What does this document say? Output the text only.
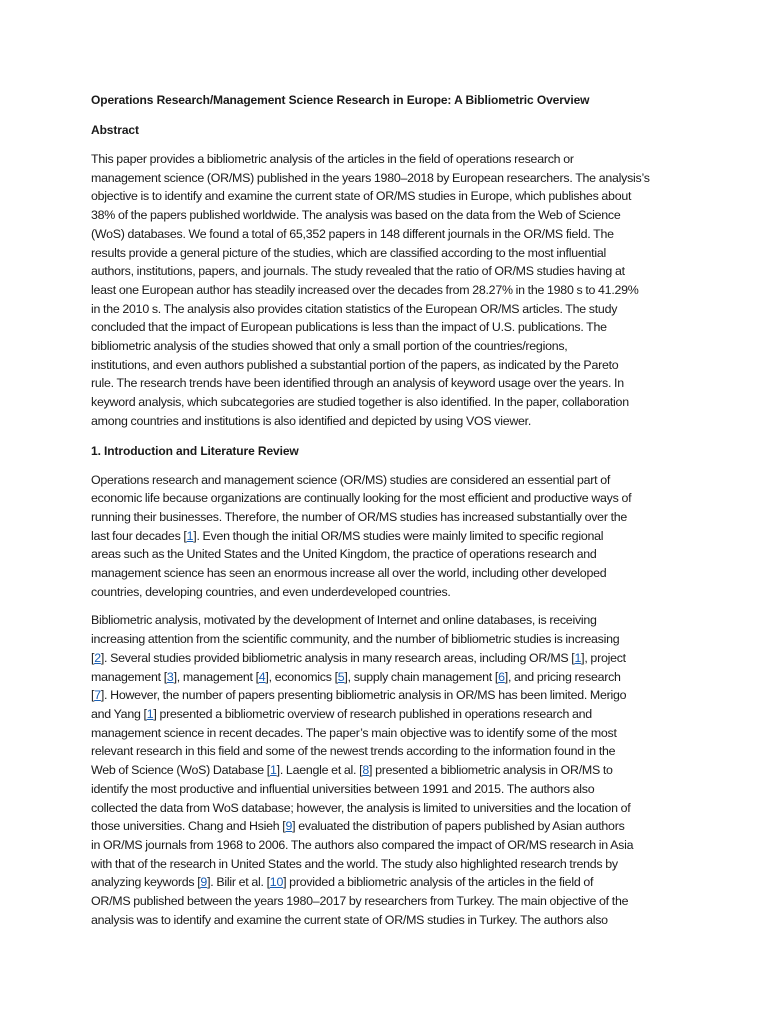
Operations Research/Management Science Research in Europe: A Bibliometric Overview
Abstract
This paper provides a bibliometric analysis of the articles in the field of operations research or
management science (OR/MS) published in the years 1980–2018 by European researchers. The analysis’s
objective is to identify and examine the current state of OR/MS studies in Europe, which publishes about
38% of the papers published worldwide. The analysis was based on the data from the Web of Science
(WoS) databases. We found a total of 65,352 papers in 148 different journals in the OR/MS field. The
results provide a general picture of the studies, which are classified according to the most influential
authors, institutions, papers, and journals. The study revealed that the ratio of OR/MS studies having at
least one European author has steadily increased over the decades from 28.27% in the 1980 s to 41.29%
in the 2010 s. The analysis also provides citation statistics of the European OR/MS articles. The study
concluded that the impact of European publications is less than the impact of U.S. publications. The
bibliometric analysis of the studies showed that only a small portion of the countries/regions,
institutions, and even authors published a substantial portion of the papers, as indicated by the Pareto
rule. The research trends have been identified through an analysis of keyword usage over the years. In
keyword analysis, which subcategories are studied together is also identified. In the paper, collaboration
among countries and institutions is also identified and depicted by using VOS viewer.
1. Introduction and Literature Review
Operations research and management science (OR/MS) studies are considered an essential part of
economic life because organizations are continually looking for the most efficient and productive ways of
running their businesses. Therefore, the number of OR/MS studies has increased substantially over the
last four decades [1]. Even though the initial OR/MS studies were mainly limited to specific regional
areas such as the United States and the United Kingdom, the practice of operations research and
management science has seen an enormous increase all over the world, including other developed
countries, developing countries, and even underdeveloped countries.
Bibliometric analysis, motivated by the development of Internet and online databases, is receiving
increasing attention from the scientific community, and the number of bibliometric studies is increasing
[2]. Several studies provided bibliometric analysis in many research areas, including OR/MS [1], project
management [3], management [4], economics [5], supply chain management [6], and pricing research
[7]. However, the number of papers presenting bibliometric analysis in OR/MS has been limited. Merigo
and Yang [1] presented a bibliometric overview of research published in operations research and
management science in recent decades. The paper’s main objective was to identify some of the most
relevant research in this field and some of the newest trends according to the information found in the
Web of Science (WoS) Database [1]. Laengle et al. [8] presented a bibliometric analysis in OR/MS to
identify the most productive and influential universities between 1991 and 2015. The authors also
collected the data from WoS database; however, the analysis is limited to universities and the location of
those universities. Chang and Hsieh [9] evaluated the distribution of papers published by Asian authors
in OR/MS journals from 1968 to 2006. The authors also compared the impact of OR/MS research in Asia
with that of the research in United States and the world. The study also highlighted research trends by
analyzing keywords [9]. Bilir et al. [10] provided a bibliometric analysis of the articles in the field of
OR/MS published between the years 1980–2017 by researchers from Turkey. The main objective of the
analysis was to identify and examine the current state of OR/MS studies in Turkey. The authors also
